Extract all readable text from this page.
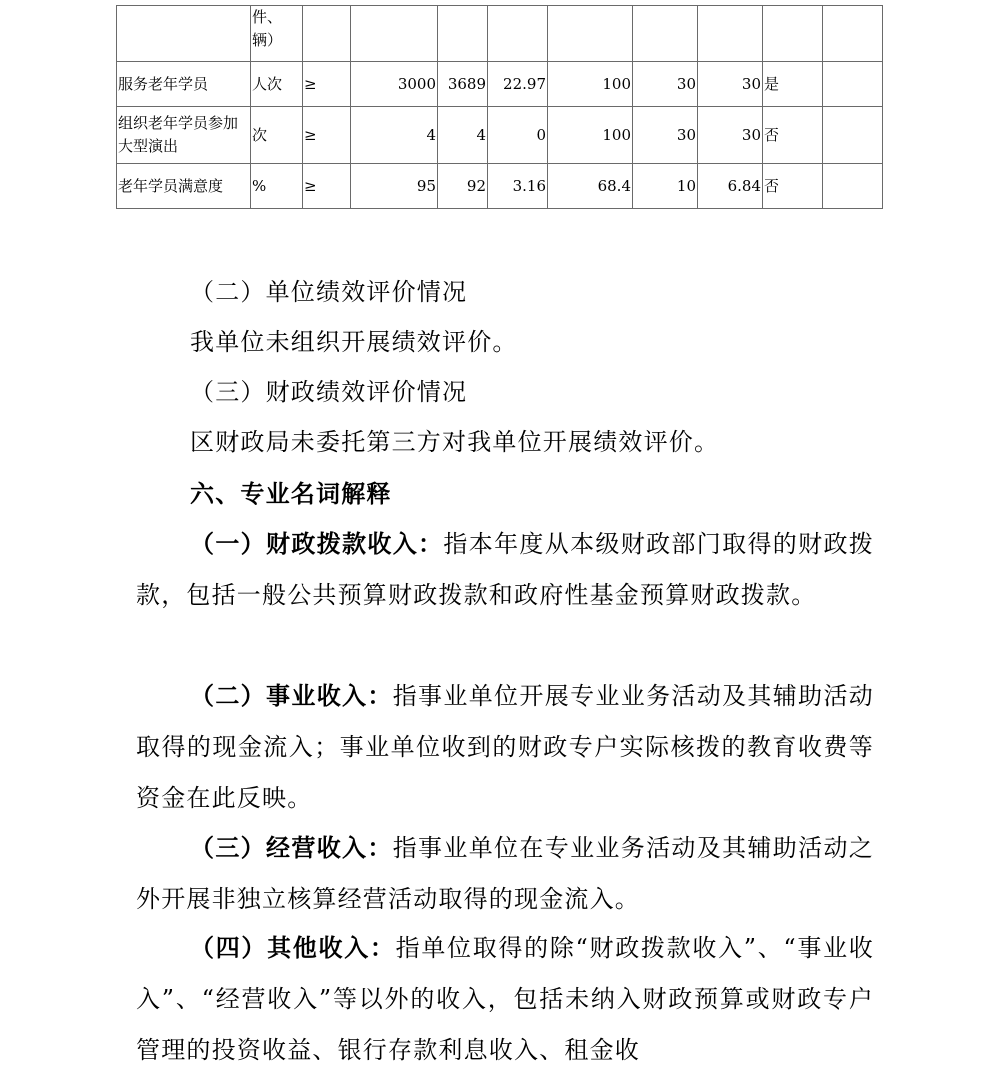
	件、辆）									
服务老年学员	人次	≥	3000	3689	22.97	100	30	30	是	
组织老年学员参加大型演出	次	≥	4	4	0	100	30	30	否	
老年学员满意度	%	≥	95	92	3.16	68.4	10	6.84	否	

（二）单位绩效评价情况

我单位未组织开展绩效评价。

（三）财政绩效评价情况

区财政局未委托第三方对我单位开展绩效评价。

六、专业名词解释

（一）财政拨款收入：指本年度从本级财政部门取得的财政拨款，包括一般公共预算财政拨款和政府性基金预算财政拨款。

（二）事业收入：指事业单位开展专业业务活动及其辅助活动取得的现金流入；事业单位收到的财政专户实际核拨的教育收费等资金在此反映。

（三）经营收入：指事业单位在专业业务活动及其辅助活动之外开展非独立核算经营活动取得的现金流入。

（四）其他收入：指单位取得的除“财政拨款收入”、“事业收入”、“经营收入”等以外的收入，包括未纳入财政预算或财政专户管理的投资收益、银行存款利息收入、租金收
